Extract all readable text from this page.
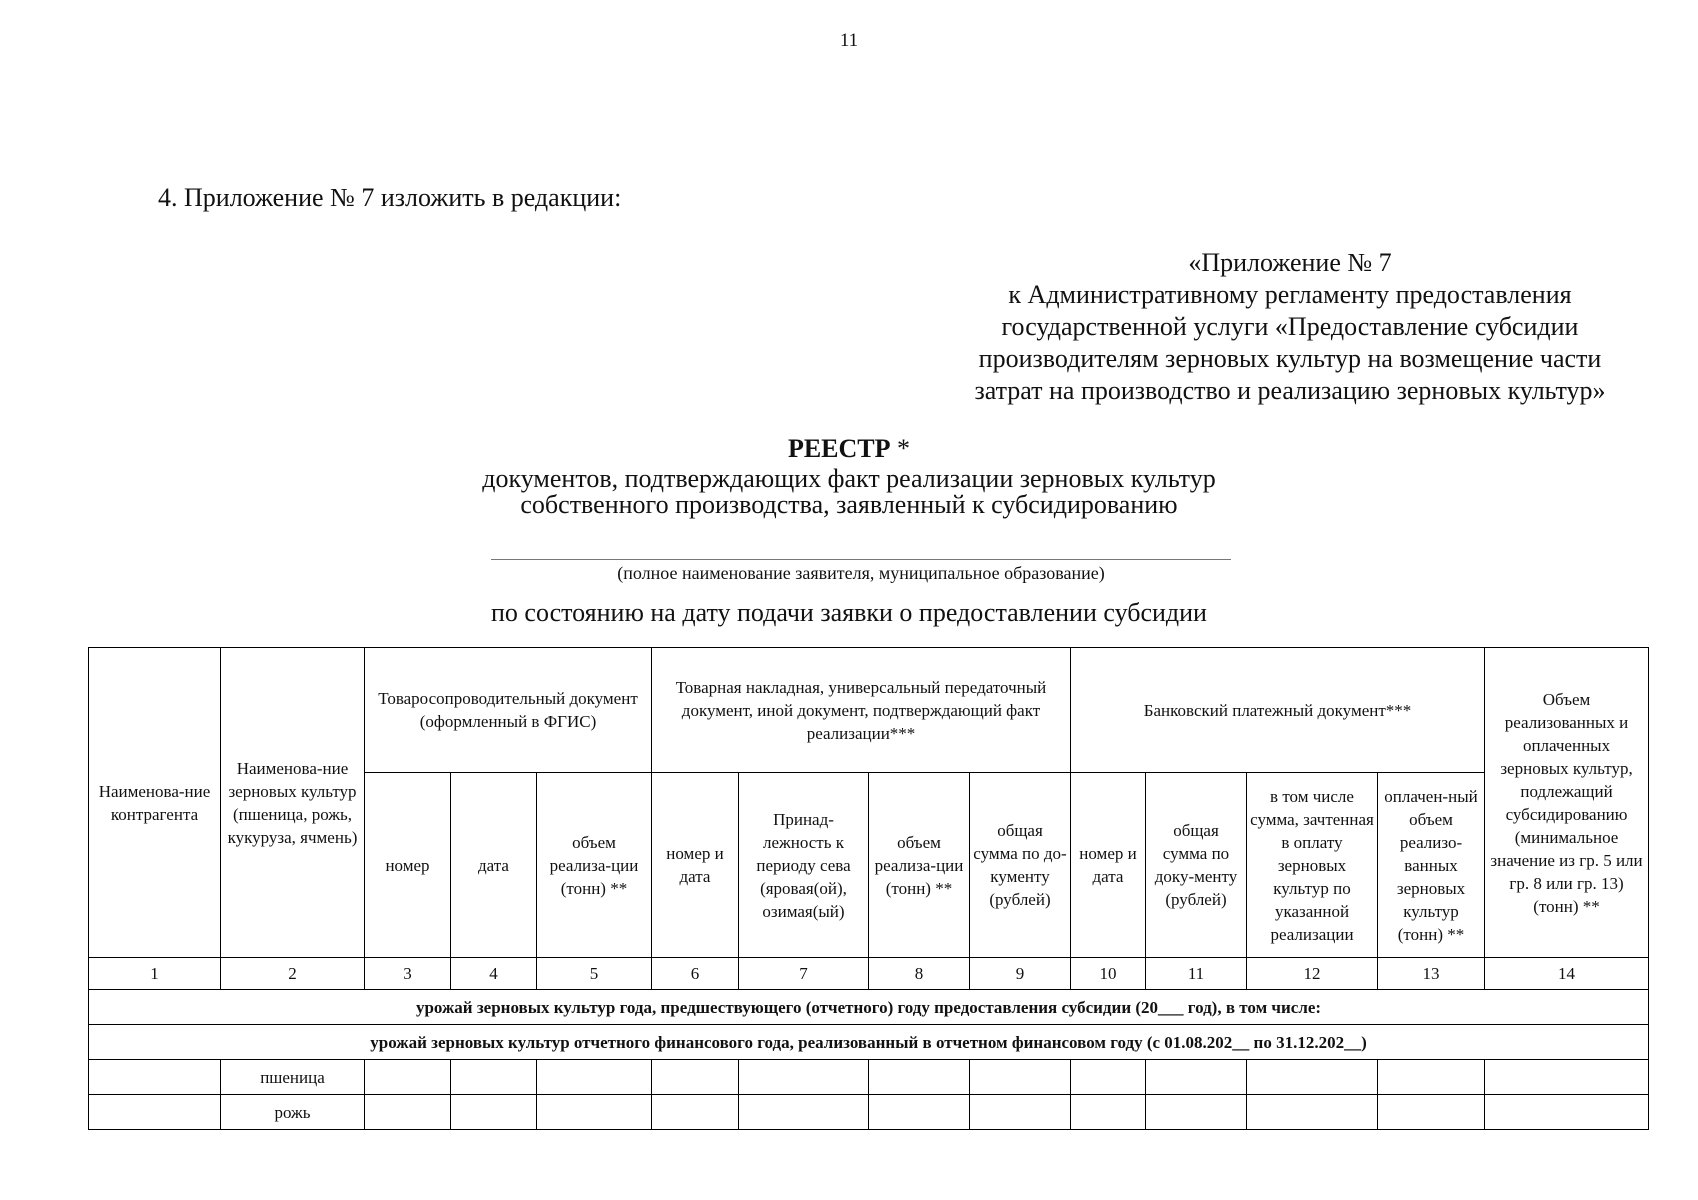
11
4. Приложение № 7 изложить в редакции:
«Приложение № 7
к Административному регламенту предоставления
государственной услуги «Предоставление субсидии
производителям зерновых культур на возмещение части
затрат на производство и реализацию зерновых культур»
РЕЕСТР *
документов, подтверждающих факт реализации зерновых культур
собственного производства, заявленный к субсидированию
(полное наименование заявителя, муниципальное образование)
по состоянию на дату подачи заявки о предоставлении субсидии
Наименова-ние контрагента	Наименова-ние зерновых культур (пшеница, рожь, кукуруза, ячмень)	Товаросопроводительный документ (оформленный в ФГИС)			Товарная накладная, универсальный передаточный документ, иной документ, подтверждающий факт реализации***				Банковский платежный документ***				Объем реализованных и оплаченных зерновых культур, подлежащий субсидированию (минимальное значение из гр. 5 или гр. 8 или гр. 13) (тонн) **
		номер	дата	объем реализа-ции (тонн) **	номер и дата	Принад-лежность к периоду сева (яровая(ой), озимая(ый)	объем реализа-ции (тонн) **	общая сумма по до-кументу (рублей)	номер и дата	общая сумма по доку-менту (рублей)	в том числе сумма, зачтенная в оплату зерновых культур по указанной реализации	оплачен-ный объем реализо-ванных зерновых культур (тонн) **	
1	2	3	4	5	6	7	8	9	10	11	12	13	14
урожай зерновых культур года, предшествующего (отчетного) году предоставления субсидии (20___ год), в том числе:													
урожай зерновых культур отчетного финансового года, реализованный в отчетном финансовом году (с 01.08.202__ по 31.12.202__)													
	пшеница												
	рожь												
